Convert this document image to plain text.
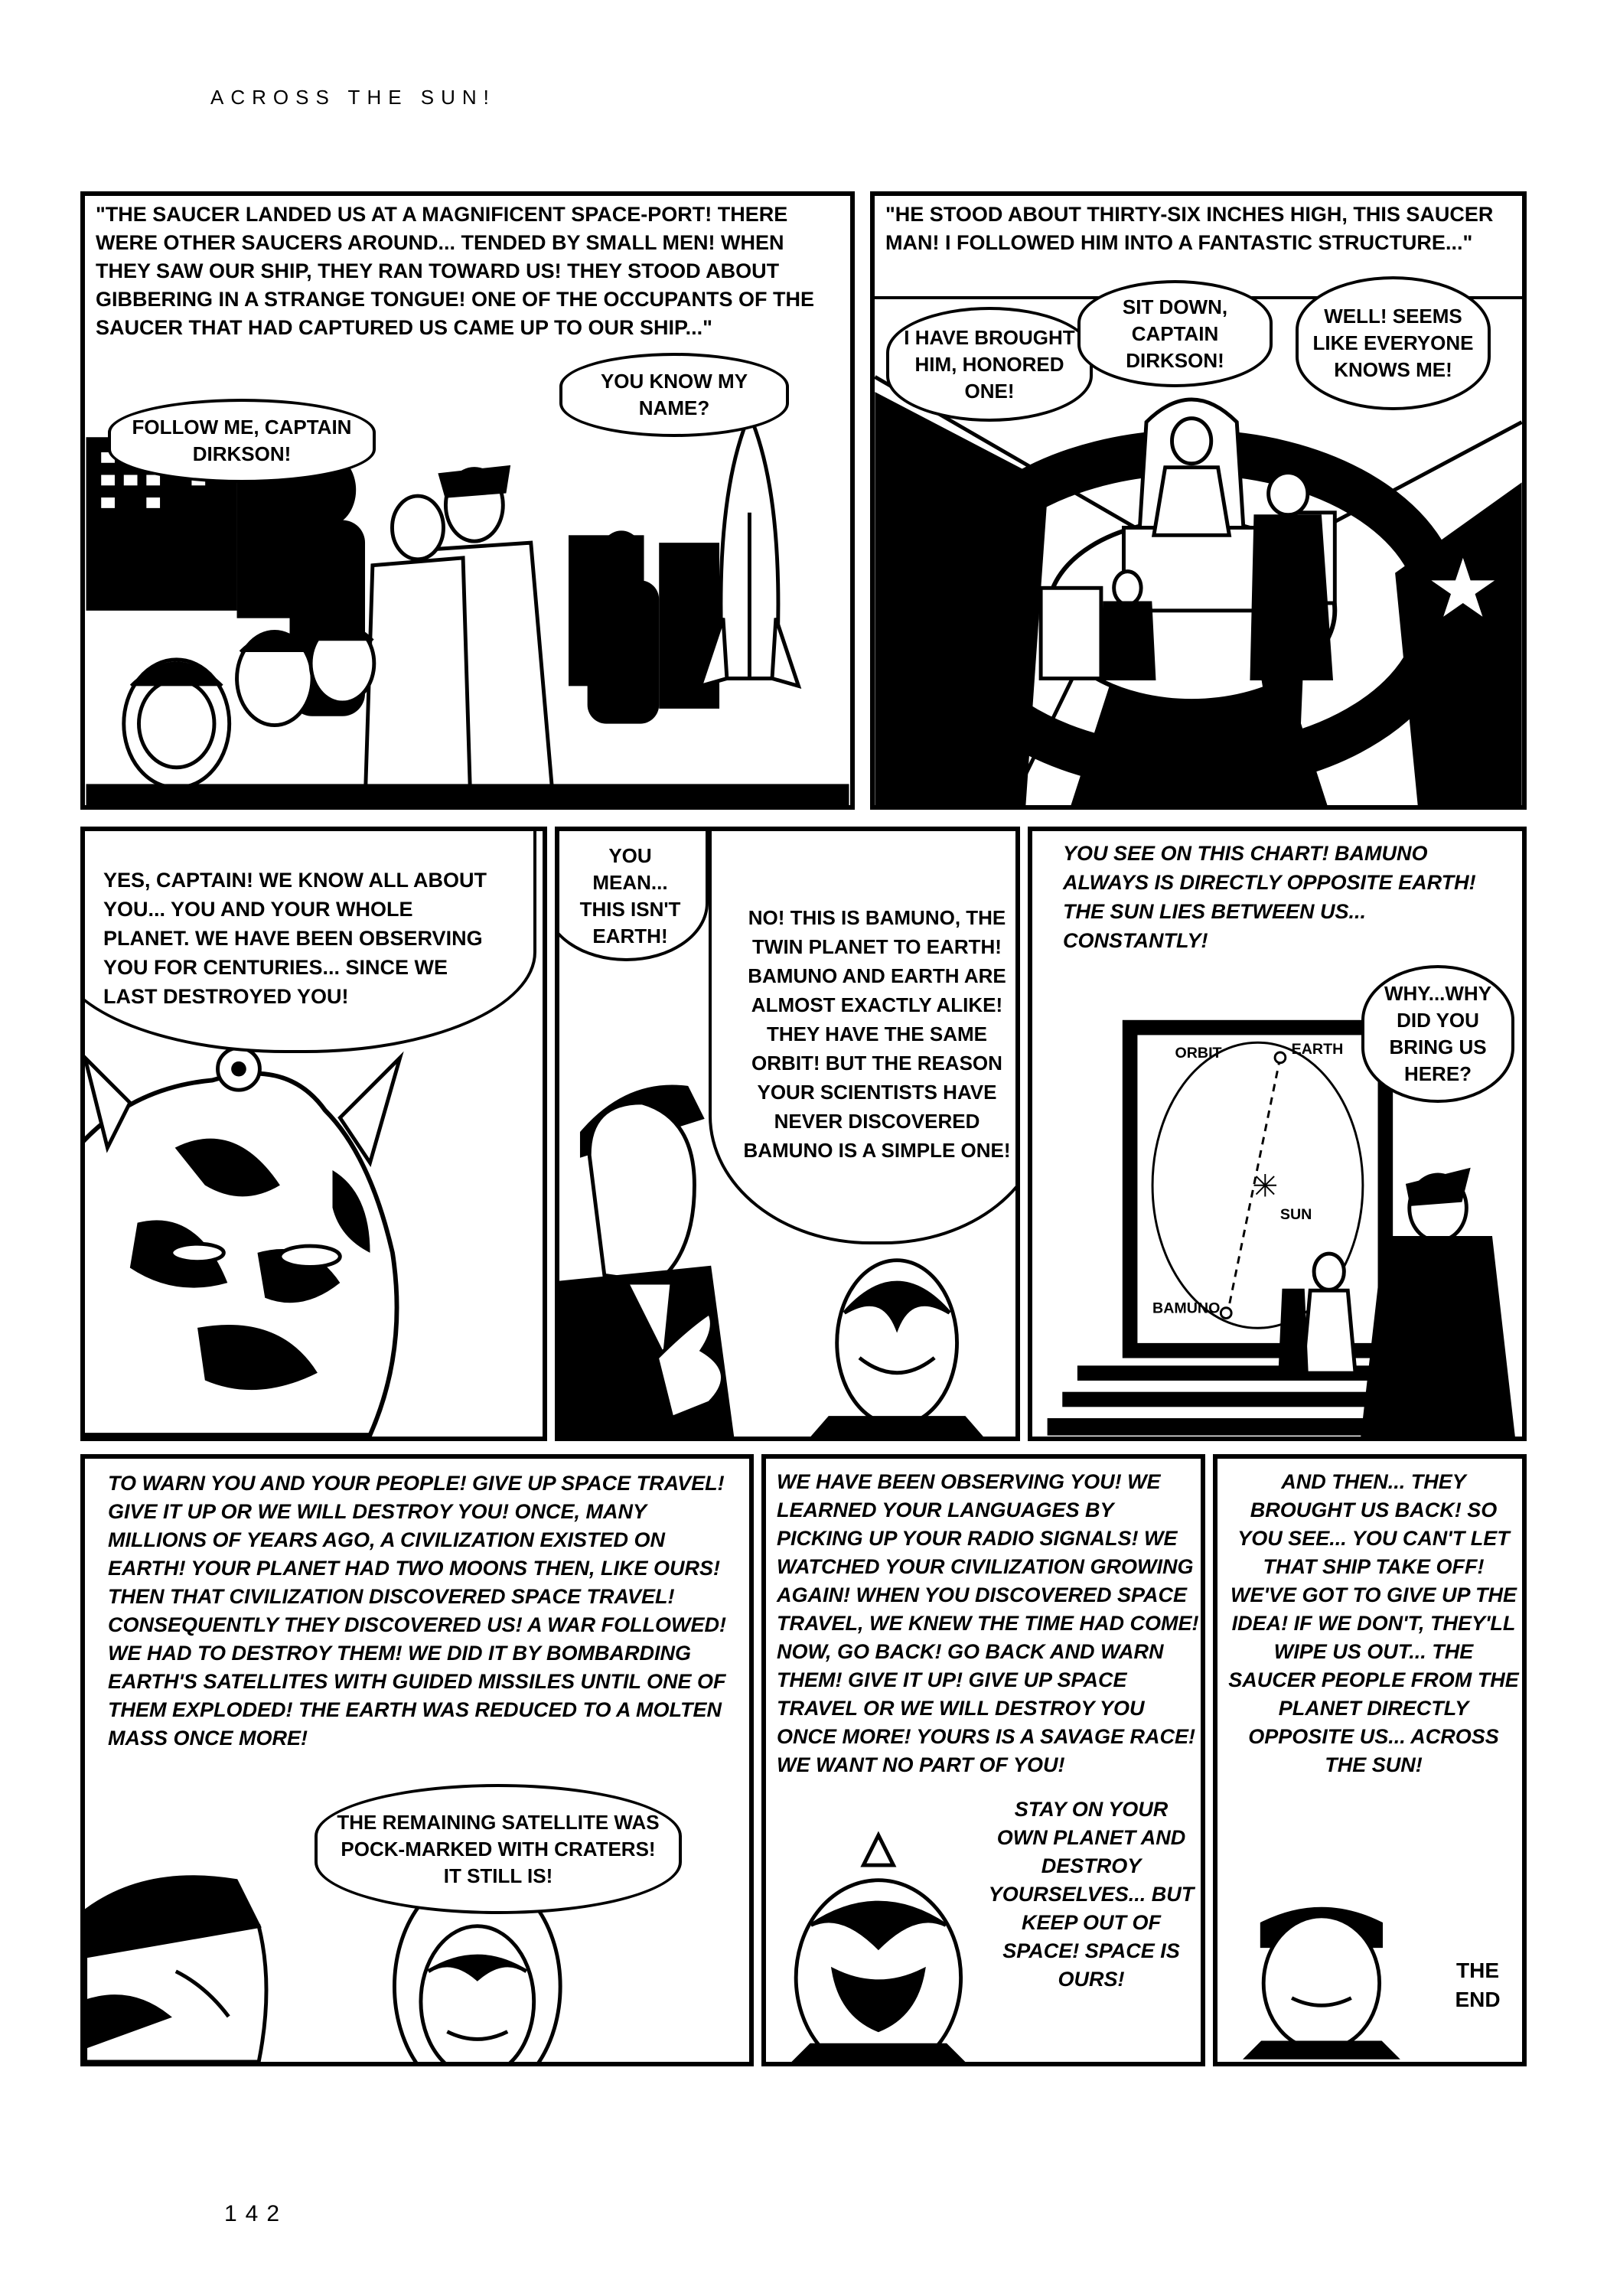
ACROSS THE SUN!
"THE SAUCER LANDED US AT A MAGNIFICENT SPACE-PORT! THERE WERE OTHER SAUCERS AROUND... TENDED BY SMALL MEN! WHEN THEY SAW OUR SHIP, THEY RAN TOWARD US! THEY STOOD ABOUT GIBBERING IN A STRANGE TONGUE! ONE OF THE OCCUPANTS OF THE SAUCER THAT HAD CAPTURED US CAME UP TO OUR SHIP..."
FOLLOW ME, CAPTAIN DIRKSON!
YOU KNOW MY NAME?
"HE STOOD ABOUT THIRTY-SIX INCHES HIGH, THIS SAUCER MAN! I FOLLOWED HIM INTO A FANTASTIC STRUCTURE..."
I HAVE BROUGHT HIM, HONORED ONE!
SIT DOWN, CAPTAIN DIRKSON!
WELL! SEEMS LIKE EVERYONE KNOWS ME!
YES, CAPTAIN! WE KNOW ALL ABOUT YOU... YOU AND YOUR WHOLE PLANET. WE HAVE BEEN OBSERVING YOU FOR CENTURIES... SINCE WE LAST DESTROYED YOU!
YOU MEAN... THIS ISN'T EARTH!
NO! THIS IS BAMUNO, THE TWIN PLANET TO EARTH! BAMUNO AND EARTH ARE ALMOST EXACTLY ALIKE! THEY HAVE THE SAME ORBIT! BUT THE REASON YOUR SCIENTISTS HAVE NEVER DISCOVERED BAMUNO IS A SIMPLE ONE!
ORBIT	EARTH
SUN
BAMUNO
YOU SEE ON THIS CHART! BAMUNO ALWAYS IS DIRECTLY OPPOSITE EARTH! THE SUN LIES BETWEEN US... CONSTANTLY!
WHY...WHY DID YOU BRING US HERE?
TO WARN YOU AND YOUR PEOPLE! GIVE UP SPACE TRAVEL! GIVE IT UP OR WE WILL DESTROY YOU! ONCE, MANY MILLIONS OF YEARS AGO, A CIVILIZATION EXISTED ON EARTH! YOUR PLANET HAD TWO MOONS THEN, LIKE OURS! THEN THAT CIVILIZATION DISCOVERED SPACE TRAVEL! CONSEQUENTLY THEY DISCOVERED US! A WAR FOLLOWED! WE HAD TO DESTROY THEM! WE DID IT BY BOMBARDING EARTH'S SATELLITES WITH GUIDED MISSILES UNTIL ONE OF THEM EXPLODED! THE EARTH WAS REDUCED TO A MOLTEN MASS ONCE MORE!
THE REMAINING SATELLITE WAS POCK-MARKED WITH CRATERS! IT STILL IS!
WE HAVE BEEN OBSERVING YOU! WE LEARNED YOUR LANGUAGES BY PICKING UP YOUR RADIO SIGNALS! WE WATCHED YOUR CIVILIZATION GROWING AGAIN! WHEN YOU DISCOVERED SPACE TRAVEL, WE KNEW THE TIME HAD COME! NOW, GO BACK! GO BACK AND WARN THEM! GIVE IT UP! GIVE UP SPACE TRAVEL OR WE WILL DESTROY YOU ONCE MORE! YOURS IS A SAVAGE RACE! WE WANT NO PART OF YOU!
STAY ON YOUR OWN PLANET AND DESTROY YOURSELVES... BUT KEEP OUT OF SPACE! SPACE IS OURS!
AND THEN... THEY BROUGHT US BACK! SO YOU SEE... YOU CAN'T LET THAT SHIP TAKE OFF! WE'VE GOT TO GIVE UP THE IDEA! IF WE DON'T, THEY'LL WIPE US OUT... THE SAUCER PEOPLE FROM THE PLANET DIRECTLY OPPOSITE US... ACROSS THE SUN!
THE END
142
